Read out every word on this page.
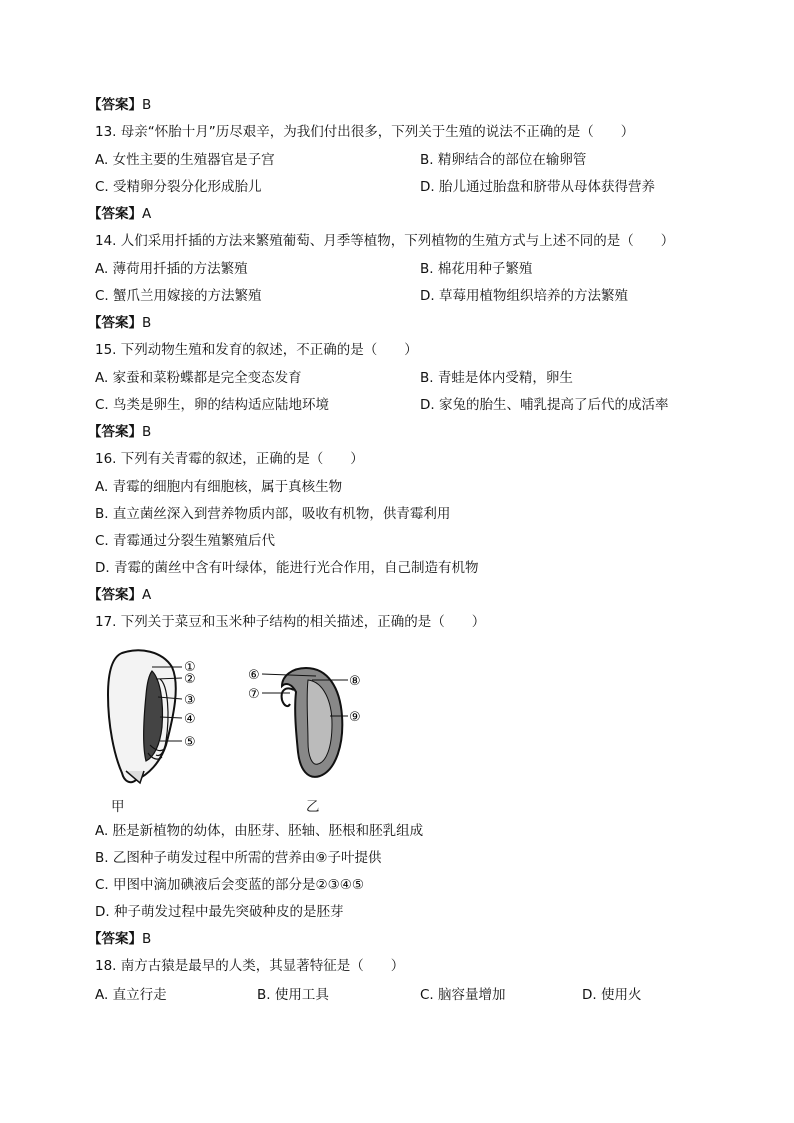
【答案】B
13. 母亲“怀胎十月”历尽艰辛，为我们付出很多，下列关于生殖的说法不正确的是（　　）
A. 女性主要的生殖器官是子宫	B. 精卵结合的部位在输卵管
C. 受精卵分裂分化形成胎儿	D. 胎儿通过胎盘和脐带从母体获得营养
【答案】A
14. 人们采用扦插的方法来繁殖葡萄、月季等植物，下列植物的生殖方式与上述不同的是（　　）
A. 薄荷用扦插的方法繁殖	B. 棉花用种子繁殖
C. 蟹爪兰用嫁接的方法繁殖	D. 草莓用植物组织培养的方法繁殖
【答案】B
15. 下列动物生殖和发育的叙述，不正确的是（　　）
A. 家蚕和菜粉蝶都是完全变态发育	B. 青蛙是体内受精，卵生
C. 鸟类是卵生，卵的结构适应陆地环境	D. 家兔的胎生、哺乳提高了后代的成活率
【答案】B
16. 下列有关青霉的叙述，正确的是（　　）
A. 青霉的细胞内有细胞核，属于真核生物
B. 直立菌丝深入到营养物质内部，吸收有机物，供青霉利用
C. 青霉通过分裂生殖繁殖后代
D. 青霉的菌丝中含有叶绿体，能进行光合作用，自己制造有机物
【答案】A
17. 下列关于菜豆和玉米种子结构的相关描述，正确的是（　　）
①
②
③
④
⑤
⑥
⑦
⑧
⑨
甲	乙
A. 胚是新植物的幼体，由胚芽、胚轴、胚根和胚乳组成
B. 乙图种子萌发过程中所需的营养由⑨子叶提供
C. 甲图中滴加碘液后会变蓝的部分是②③④⑤
D. 种子萌发过程中最先突破种皮的是胚芽
【答案】B
18. 南方古猿是最早的人类，其显著特征是（　　）
A. 直立行走	B. 使用工具	C. 脑容量增加	D. 使用火
